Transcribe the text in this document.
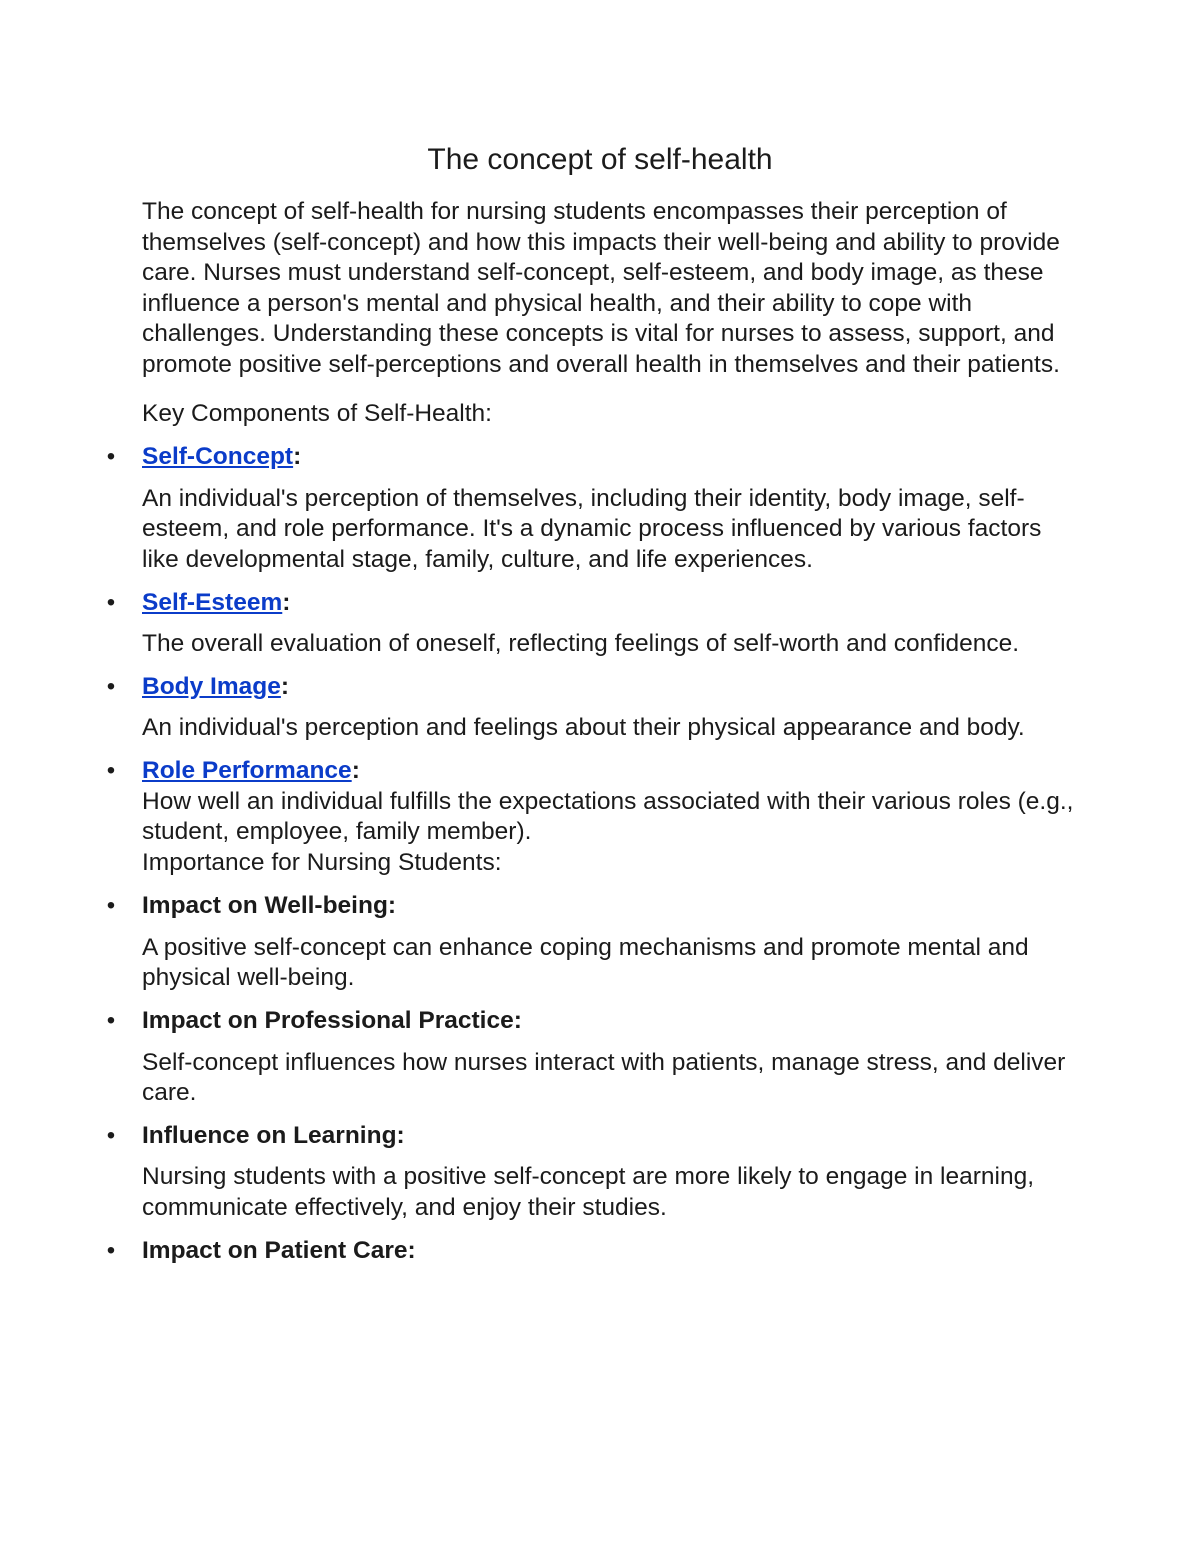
The concept of self-health

The concept of self-health for nursing students encompasses their perception of themselves (self-concept) and how this impacts their well-being and ability to provide care. Nurses must understand self-concept, self-esteem, and body image, as these influence a person's mental and physical health, and their ability to cope with challenges. Understanding these concepts is vital for nurses to assess, support, and promote positive self-perceptions and overall health in themselves and their patients.

Key Components of Self-Health:

• Self-Concept:

An individual's perception of themselves, including their identity, body image, self-esteem, and role performance. It's a dynamic process influenced by various factors like developmental stage, family, culture, and life experiences.

• Self-Esteem:

The overall evaluation of oneself, reflecting feelings of self-worth and confidence.

• Body Image:

An individual's perception and feelings about their physical appearance and body.

• Role Performance:

How well an individual fulfills the expectations associated with their various roles (e.g., student, employee, family member).

Importance for Nursing Students:

• Impact on Well-being:

A positive self-concept can enhance coping mechanisms and promote mental and physical well-being.

• Impact on Professional Practice:

Self-concept influences how nurses interact with patients, manage stress, and deliver care.

• Influence on Learning:

Nursing students with a positive self-concept are more likely to engage in learning, communicate effectively, and enjoy their studies.

• Impact on Patient Care:
